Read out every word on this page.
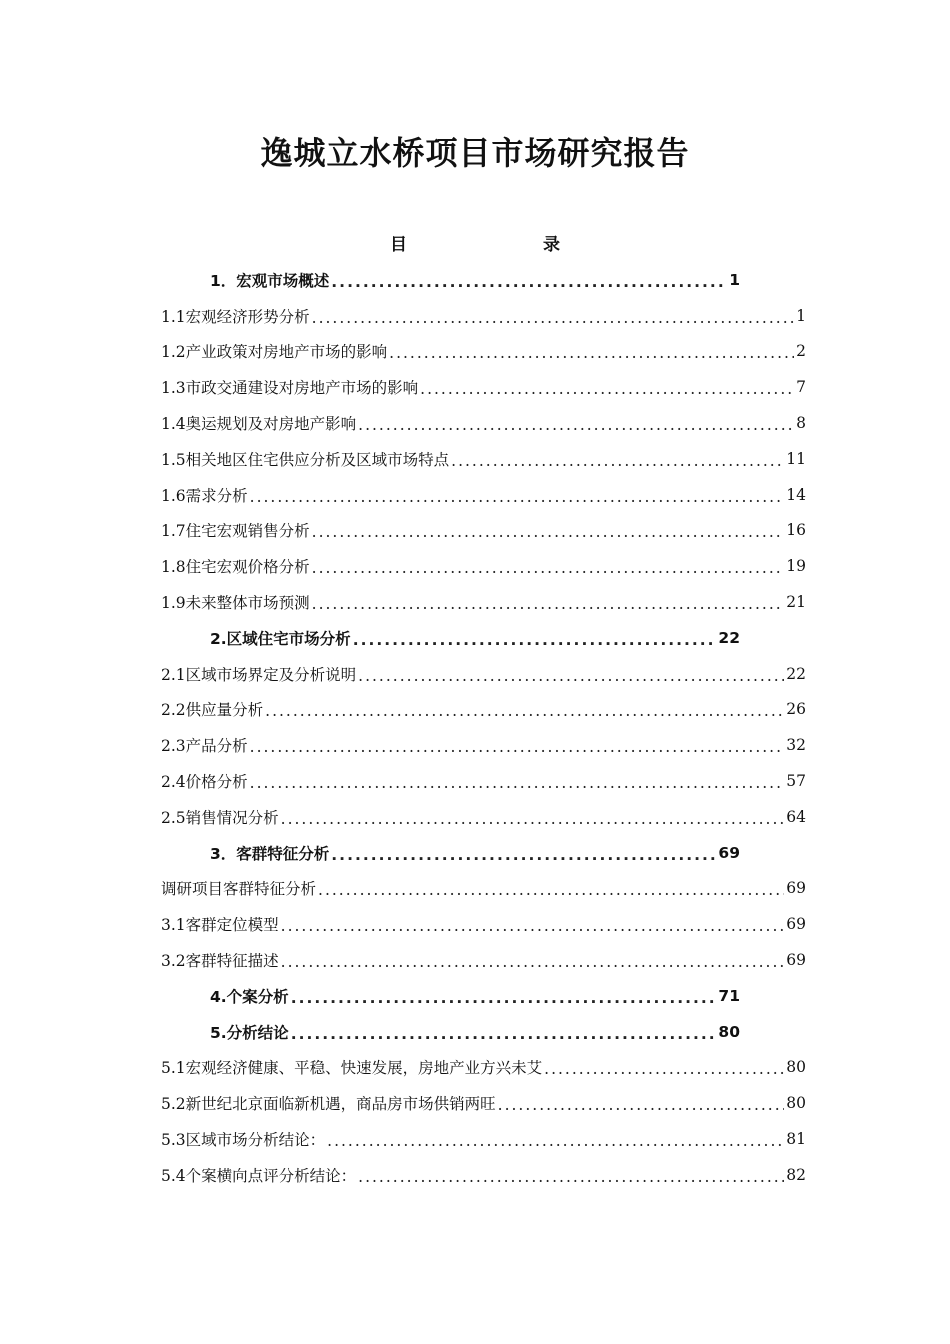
逸城立水桥项目市场研究报告
目	录
1．宏观市场概述 .....	1
1.1宏观经济形势分析 .....	1
1.2产业政策对房地产市场的影响 .....	2
1.3市政交通建设对房地产市场的影响 .....	7
1.4奥运规划及对房地产影响 .....	8
1.5相关地区住宅供应分析及区域市场特点 .....	11
1.6需求分析 .....	14
1.7住宅宏观销售分析 .....	16
1.8住宅宏观价格分析 .....	19
1.9未来整体市场预测 .....	21
2.区域住宅市场分析 .....	22
2.1区域市场界定及分析说明 .....	22
2.2供应量分析 .....	26
2.3产品分析 .....	32
2.4价格分析 .....	57
2.5销售情况分析 .....	64
3．客群特征分析 .....	69
调研项目客群特征分析 .....	69
3.1客群定位模型 .....	69
3.2客群特征描述 .....	69
4.个案分析 .....	71
5.分析结论 .....	80
5.1宏观经济健康、平稳、快速发展，房地产业方兴未艾 .....	80
5.2新世纪北京面临新机遇，商品房市场供销两旺 .....	80
5.3区域市场分析结论： .....	81
5.4个案横向点评分析结论： .....	82
